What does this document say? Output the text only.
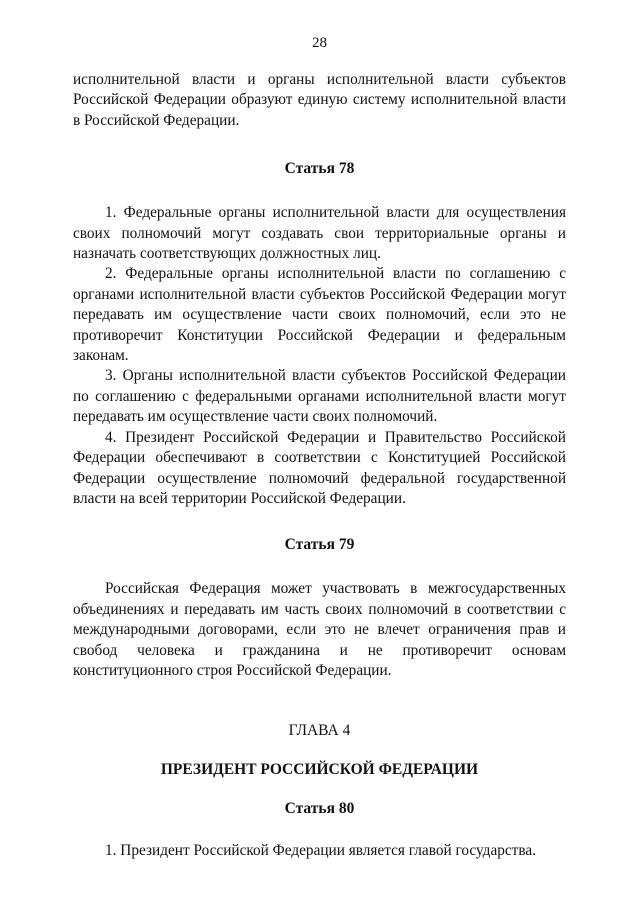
28

исполнительной власти и органы исполнительной власти субъектов Российской Федерации образуют единую систему исполнительной власти в Российской Федерации.

Статья 78

1. Федеральные органы исполнительной власти для осуществления своих полномочий могут создавать свои территориальные органы и назначать соответствующих должностных лиц.

2. Федеральные органы исполнительной власти по соглашению с органами исполнительной власти субъектов Российской Федерации могут передавать им осуществление части своих полномочий, если это не противоречит Конституции Российской Федерации и федеральным законам.

3. Органы исполнительной власти субъектов Российской Федерации по соглашению с федеральными органами исполнительной власти могут передавать им осуществление части своих полномочий.

4. Президент Российской Федерации и Правительство Российской Федерации обеспечивают в соответствии с Конституцией Российской Федерации осуществление полномочий федеральной государственной власти на всей территории Российской Федерации.

Статья 79

Российская Федерация может участвовать в межгосударственных объединениях и передавать им часть своих полномочий в соответствии с международными договорами, если это не влечет ограничения прав и свобод человека и гражданина и не противоречит основам конституционного строя Российской Федерации.

ГЛАВА 4
ПРЕЗИДЕНТ РОССИЙСКОЙ ФЕДЕРАЦИИ
Статья 80

1. Президент Российской Федерации является главой государства.
